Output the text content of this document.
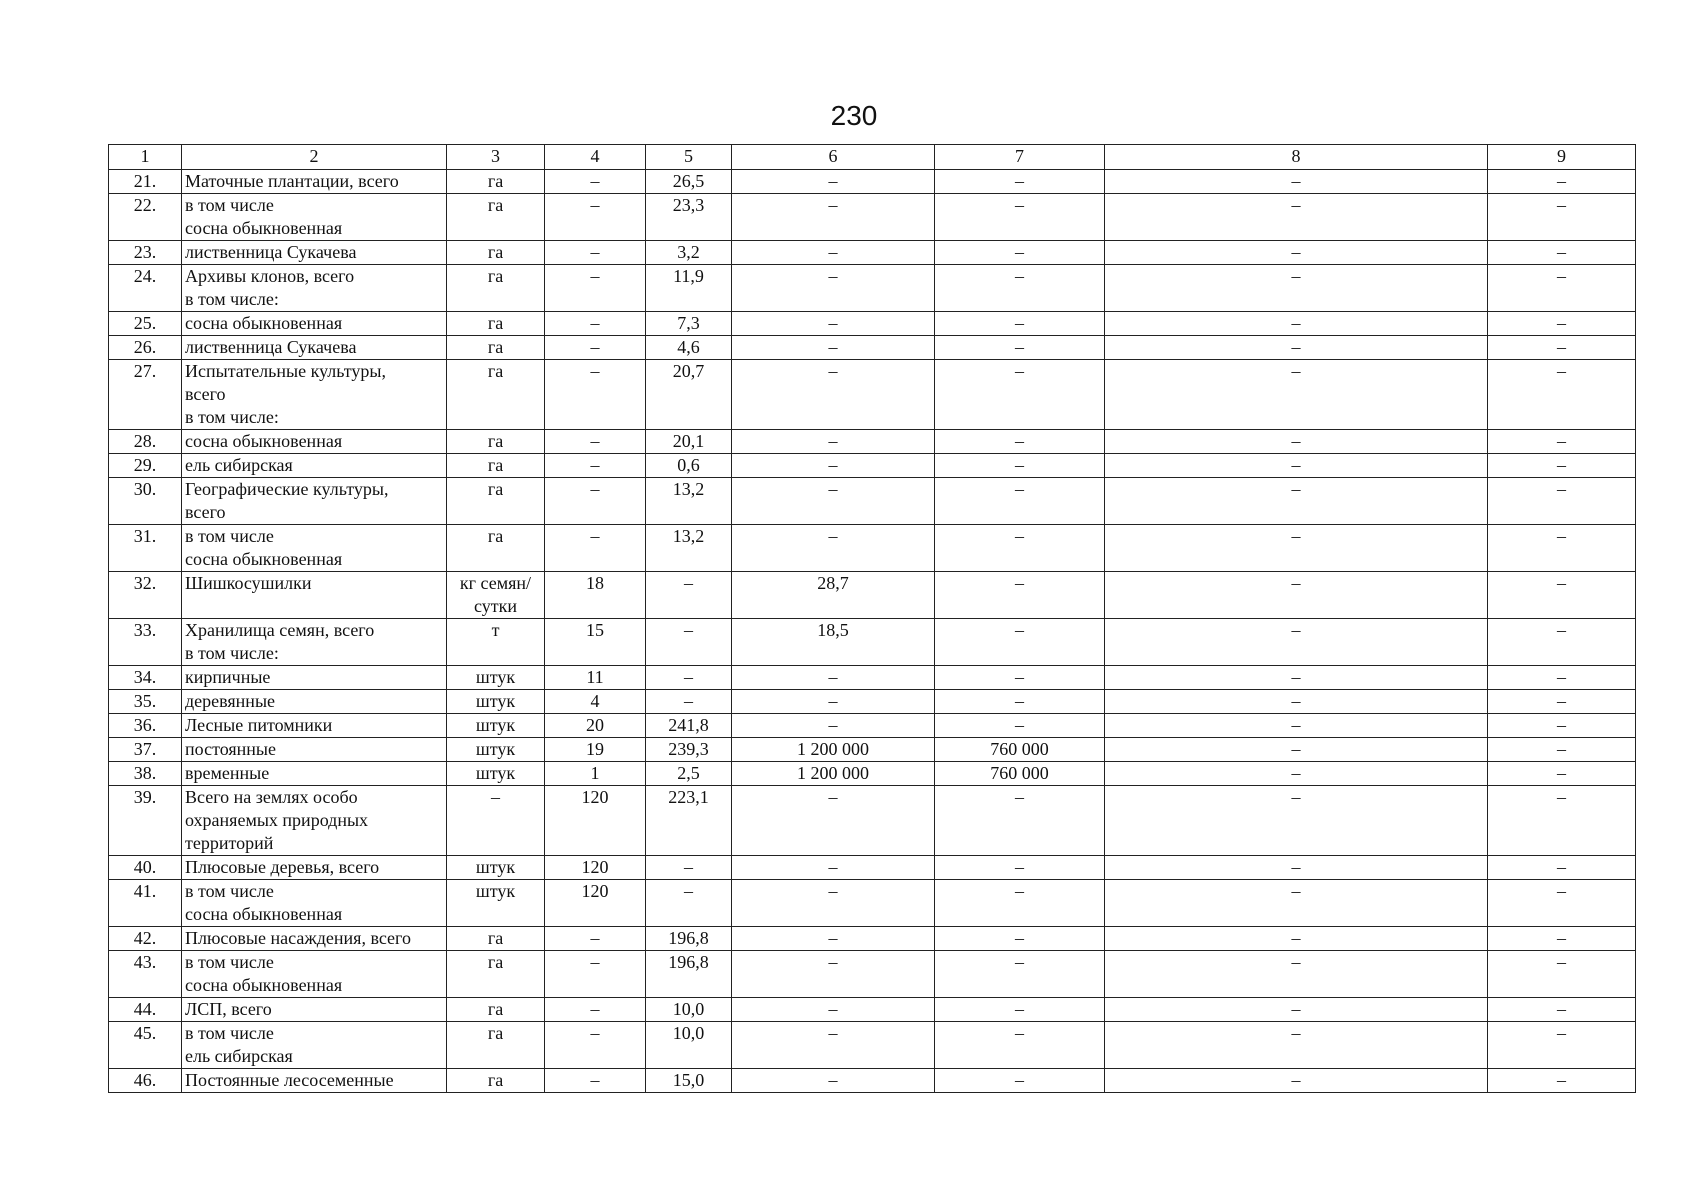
230
1	2	3	4	5	6	7	8	9
21.	Маточные плантации, всего	га	–	26,5	–	–	–	–
22.	в том числе
сосна обыкновенная	га	–	23,3	–	–	–	–
23.	лиственница Сукачева	га	–	3,2	–	–	–	–
24.	Архивы клонов, всего
в том числе:	га	–	11,9	–	–	–	–
25.	сосна обыкновенная	га	–	7,3	–	–	–	–
26.	лиственница Сукачева	га	–	4,6	–	–	–	–
27.	Испытательные культуры,
всего
в том числе:	га	–	20,7	–	–	–	–
28.	сосна обыкновенная	га	–	20,1	–	–	–	–
29.	ель сибирская	га	–	0,6	–	–	–	–
30.	Географические культуры,
всего	га	–	13,2	–	–	–	–
31.	в том числе
сосна обыкновенная	га	–	13,2	–	–	–	–
32.	Шишкосушилки	кг семян/
сутки	18	–	28,7	–	–	–
33.	Хранилища семян, всего
в том числе:	т	15	–	18,5	–	–	–
34.	кирпичные	штук	11	–	–	–	–	–
35.	деревянные	штук	4	–	–	–	–	–
36.	Лесные питомники	штук	20	241,8	–	–	–	–
37.	постоянные	штук	19	239,3	1 200 000	760 000	–	–
38.	временные	штук	1	2,5	1 200 000	760 000	–	–
39.	Всего на землях особо
охраняемых природных
территорий	–	120	223,1	–	–	–	–
40.	Плюсовые деревья, всего	штук	120	–	–	–	–	–
41.	в том числе
сосна обыкновенная	штук	120	–	–	–	–	–
42.	Плюсовые насаждения, всего	га	–	196,8	–	–	–	–
43.	в том числе
сосна обыкновенная	га	–	196,8	–	–	–	–
44.	ЛСП, всего	га	–	10,0	–	–	–	–
45.	в том числе
ель сибирская	га	–	10,0	–	–	–	–
46.	Постоянные лесосеменные	га	–	15,0	–	–	–	–
